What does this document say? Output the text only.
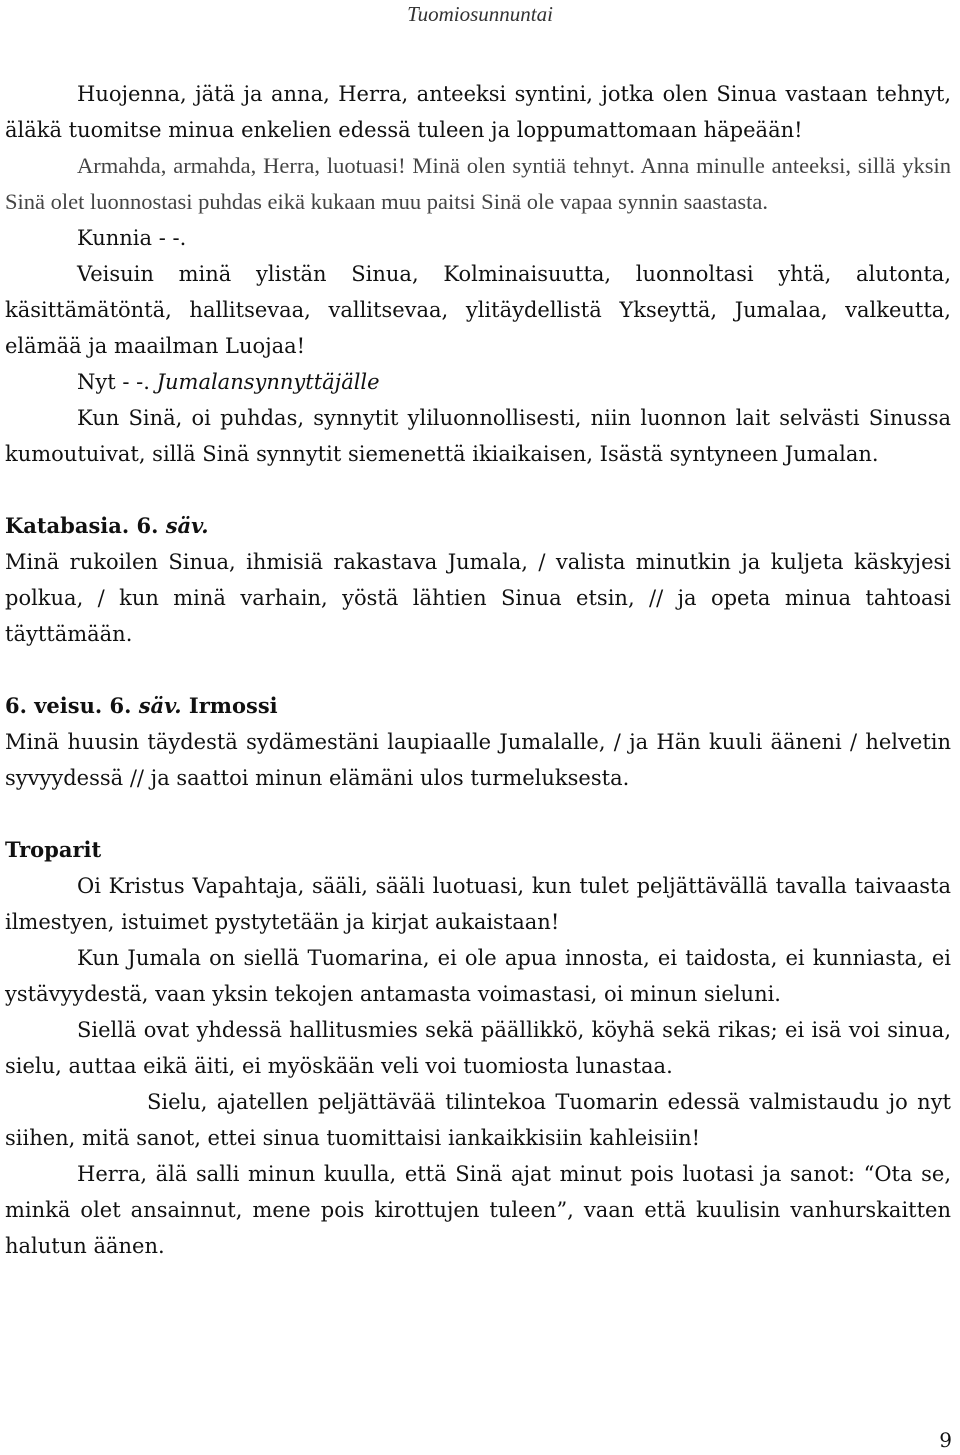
Tuomiosunnuntai

Huojenna, jätä ja anna, Herra, anteeksi syntini, jotka olen Sinua vastaan tehnyt, äläkä tuomitse minua enkelien edessä tuleen ja loppumattomaan häpeään!

Armahda, armahda, Herra, luotuasi! Minä olen syntiä tehnyt. Anna minulle anteeksi, sillä yksin Sinä olet luonnostasi puhdas eikä kukaan muu paitsi Sinä ole vapaa synnin saastasta.

Kunnia - -.

Veisuin minä ylistän Sinua, Kolminaisuutta, luonnoltasi yhtä, alutonta, käsittämätöntä, hallitsevaa, vallitsevaa, ylitäydellistä Ykseyttä, Jumalaa, valkeutta, elämää ja maailman Luojaa!

Nyt - -. Jumalansynnyttäjälle

Kun Sinä, oi puhdas, synnytit yliluonnollisesti, niin luonnon lait selvästi Sinussa kumoutuivat, sillä Sinä synnytit siemenettä ikiaikaisen, Isästä syntyneen Jumalan.

Katabasia. 6. säv.

Minä rukoilen Sinua, ihmisiä rakastava Jumala, / valista minutkin ja kuljeta käskyjesi polkua, / kun minä varhain, yöstä lähtien Sinua etsin, // ja opeta minua tahtoasi täyttämään.

6. veisu. 6. säv. Irmossi

Minä huusin täydestä sydämestäni laupiaalle Jumalalle, / ja Hän kuuli ääneni / helvetin syvyydessä // ja saattoi minun elämäni ulos turmeluksesta.

Troparit

Oi Kristus Vapahtaja, sääli, sääli luotuasi, kun tulet peljättävällä tavalla taivaasta ilmestyen, istuimet pystytetään ja kirjat aukaistaan!

Kun Jumala on siellä Tuomarina, ei ole apua innosta, ei taidosta, ei kunniasta, ei ystävyydestä, vaan yksin tekojen antamasta voimastasi, oi minun sieluni.

Siellä ovat yhdessä hallitusmies sekä päällikkö, köyhä sekä rikas; ei isä voi sinua, sielu, auttaa eikä äiti, ei myöskään veli voi tuomiosta lunastaa.

Sielu, ajatellen peljättävää tilintekoa Tuomarin edessä valmistaudu jo nyt siihen, mitä sanot, ettei sinua tuomittaisi iankaikkisiin kahleisiin!

Herra, älä salli minun kuulla, että Sinä ajat minut pois luotasi ja sanot: “Ota se, minkä olet ansainnut, mene pois kirottujen tuleen”, vaan että kuulisin vanhurskaitten halutun äänen.

9
